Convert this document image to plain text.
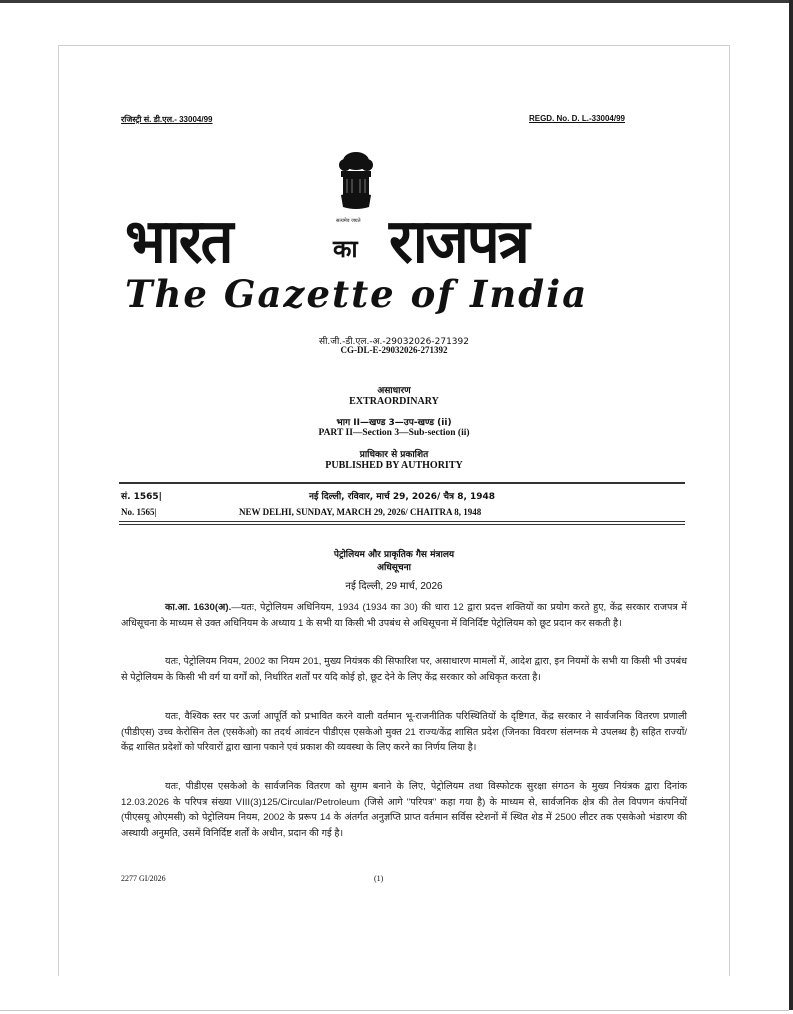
रजिस्ट्री सं. डी.एल.- 33004/99	REGD. No. D. L.-33004/99
सत्यमेव जयते
भारत	का राजपत्र
The Gazette of India
सी.जी.-डी.एल.-अ.-29032026-271392
CG-DL-E-29032026-271392
असाधारण
EXTRAORDINARY
भाग II—खण्ड 3—उप-खण्ड (ii)
PART II—Section 3—Sub-section (ii)
प्राधिकार से प्रकाशित
PUBLISHED BY AUTHORITY
सं. 1565|	नई दिल्ली, रविवार, मार्च 29, 2026/ चैत्र 8, 1948
No. 1565|	NEW DELHI, SUNDAY, MARCH 29, 2026/ CHAITRA 8, 1948
पेट्रोलियम और प्राकृतिक गैस मंत्रालय
अधिसूचना
नई दिल्ली, 29 मार्च, 2026
का.आ. 1630(अ).—यतः, पेट्रोलियम अधिनियम, 1934 (1934 का 30) की धारा 12 द्वारा प्रदत्त शक्तियों का प्रयोग करते हुए, केंद्र सरकार राजपत्र में अधिसूचना के माध्यम से उक्त अधिनियम के अध्याय 1 के सभी या किसी भी उपबंध से अधिसूचना में विनिर्दिष्ट पेट्रोलियम को छूट प्रदान कर सकती है।
यतः, पेट्रोलियम नियम, 2002 का नियम 201, मुख्य नियंत्रक की सिफारिश पर, असाधारण मामलों में, आदेश द्वारा, इन नियमों के सभी या किसी भी उपबंध से पेट्रोलियम के किसी भी वर्ग या वर्गों को, निर्धारित शर्तों पर यदि कोई हो, छूट देने के लिए केंद्र सरकार को अधिकृत करता है।
यतः, वैश्विक स्तर पर ऊर्जा आपूर्ति को प्रभावित करने वाली वर्तमान भू-राजनीतिक परिस्थितियों के दृष्टिगत, केंद्र सरकार ने सार्वजनिक वितरण प्रणाली (पीडीएस) उच्च केरोसिन तेल (एसकेओ) का तदर्थ आवंटन पीडीएस एसकेओ मुक्त 21 राज्य/केंद्र शासित प्रदेश (जिनका विवरण संलग्नक मे उपलब्ध है) सहित राज्यों/केंद्र शासित प्रदेशों को परिवारों द्वारा खाना पकाने एवं प्रकाश की व्यवस्था के लिए करने का निर्णय लिया है।
यतः, पीडीएस एसकेओ के सार्वजनिक वितरण को सुगम बनाने के लिए, पेट्रोलियम तथा विस्फोटक सुरक्षा संगठन के मुख्य नियंत्रक द्वारा दिनांक 12.03.2026 के परिपत्र संख्या VIII(3)125/Circular/Petroleum (जिसे आगे "परिपत्र" कहा गया है) के माध्यम से, सार्वजनिक क्षेत्र की तेल विपणन कंपनियों (पीएसयू ओएमसी) को पेट्रोलियम नियम, 2002 के प्ररूप 14 के अंतर्गत अनुज्ञप्ति प्राप्त वर्तमान सर्विस स्टेशनों में स्थित शेड में 2500 लीटर तक एसकेओ भंडारण की अस्थायी अनुमति, उसमें विनिर्दिष्ट शर्तों के अधीन, प्रदान की गई है।
2277 GI/2026	(1)
